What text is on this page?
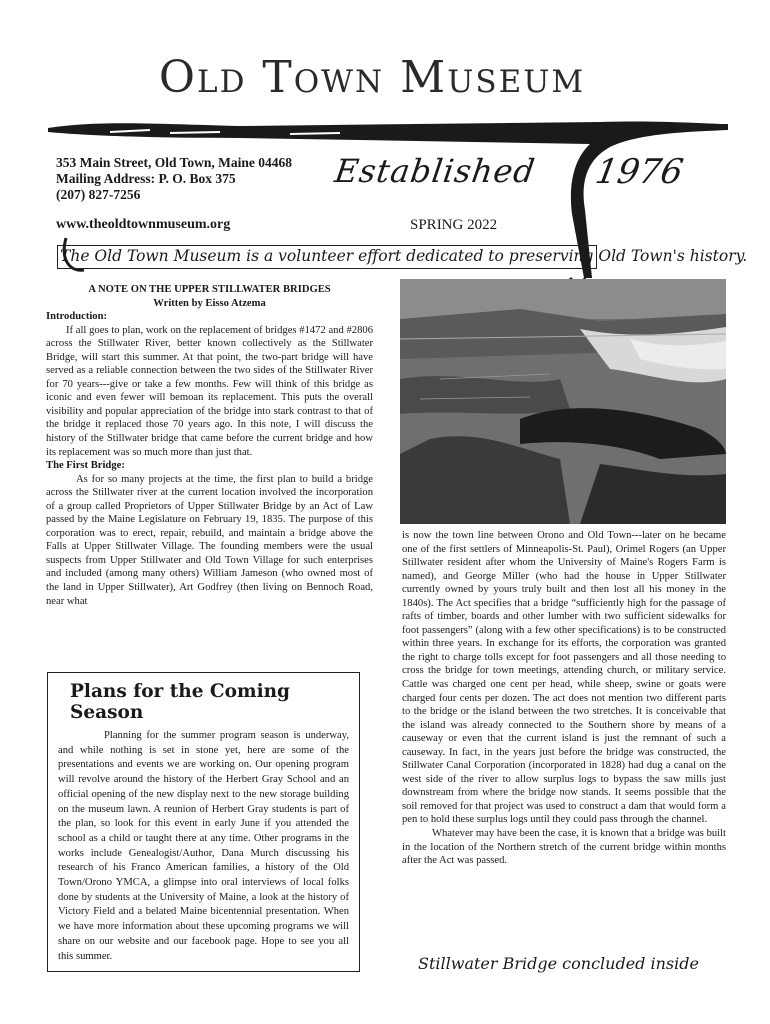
Old Town Museum
353 Main Street, Old Town, Maine 04468
Mailing Address: P. O. Box 375
(207) 827-7256
Established 1976
www.theoldtownmuseum.org	SPRING 2022
The Old Town Museum is a volunteer effort dedicated to preserving Old Town's history.
A NOTE ON THE UPPER STILLWATER BRIDGES
Written by Eisso Atzema
Introduction:

If all goes to plan, work on the replacement of bridges #1472 and #2806 across the Stillwater River, better known collectively as the Stillwater Bridge, will start this summer. At that point, the two-part bridge will have served as a reliable connection between the two sides of the Stillwater River for 70 years---give or take a few months. Few will think of this bridge as iconic and even fewer will bemoan its replacement. This puts the overall visibility and popular appreciation of the bridge into stark contrast to that of the bridge it replaced those 70 years ago. In this note, I will discuss the history of the Stillwater bridge that came before the current bridge and how its replacement was so much more than just that.

The First Bridge:

As for so many projects at the time, the first plan to build a bridge across the Stillwater river at the current location involved the incorporation of a group called Proprietors of Upper Stillwater Bridge by an Act of Law passed by the Maine Legislature on February 19, 1835. The purpose of this corporation was to erect, repair, rebuild, and maintain a bridge above the Falls at Upper Stillwater Village. The founding members were the usual suspects from Upper Stillwater and Old Town Village for such enterprises and included (among many others) William Jameson (who owned most of the land in Upper Stillwater), Art Godfrey (then living on Bennoch Road, near what

is now the town line between Orono and Old Town---later on he became one of the first settlers of Minneapolis-St. Paul), Orimel Rogers (an Upper Stillwater resident after whom the University of Maine's Rogers Farm is named), and George Miller (who had the house in Upper Stillwater currently owned by yours truly built and then lost all his money in the 1840s). The Act specifies that a bridge “sufficiently high for the passage of rafts of timber, boards and other lumber with two sufficient sidewalks for foot passengers” (along with a few other specifications) is to be constructed within three years. In exchange for its efforts, the corporation was granted the right to charge tolls except for foot passengers and all those needing to cross the bridge for town meetings, attending church, or military service. Cattle was charged one cent per head, while sheep, swine or goats were charged four cents per dozen. The act does not mention two different parts to the bridge or the island between the two stretches. It is conceivable that the island was already connected to the Southern shore by means of a causeway or even that the current island is just the remnant of such a causeway. In fact, in the years just before the bridge was constructed, the Stillwater Canal Corporation (incorporated in 1828) had dug a canal on the west side of the river to allow surplus logs to bypass the saw mills just downstream from where the bridge now stands. It seems possible that the soil removed for that project was used to construct a dam that would form a pen to hold these surplus logs until they could pass through the channel.

Whatever may have been the case, it is known that a bridge was built in the location of the Northern stretch of the current bridge within months after the Act was passed.

Plans for the Coming Season

Planning for the summer program season is underway, and while nothing is set in stone yet, here are some of the presentations and events we are working on. Our opening program will revolve around the history of the Herbert Gray School and an official opening of the new display next to the new storage building on the museum lawn. A reunion of Herbert Gray students is part of the plan, so look for this event in early June if you attended the school as a child or taught there at any time. Other programs in the works include Genealogist/Author, Dana Murch discussing his research of his Franco American families, a history of the Old Town/Orono YMCA, a glimpse into oral interviews of local folks done by students at the University of Maine, a look at the history of Victory Field and a belated Maine bicentennial presentation. When we have more information about these upcoming programs we will share on our website and our facebook page. Hope to see you all this summer.	Stillwater Bridge concluded inside
